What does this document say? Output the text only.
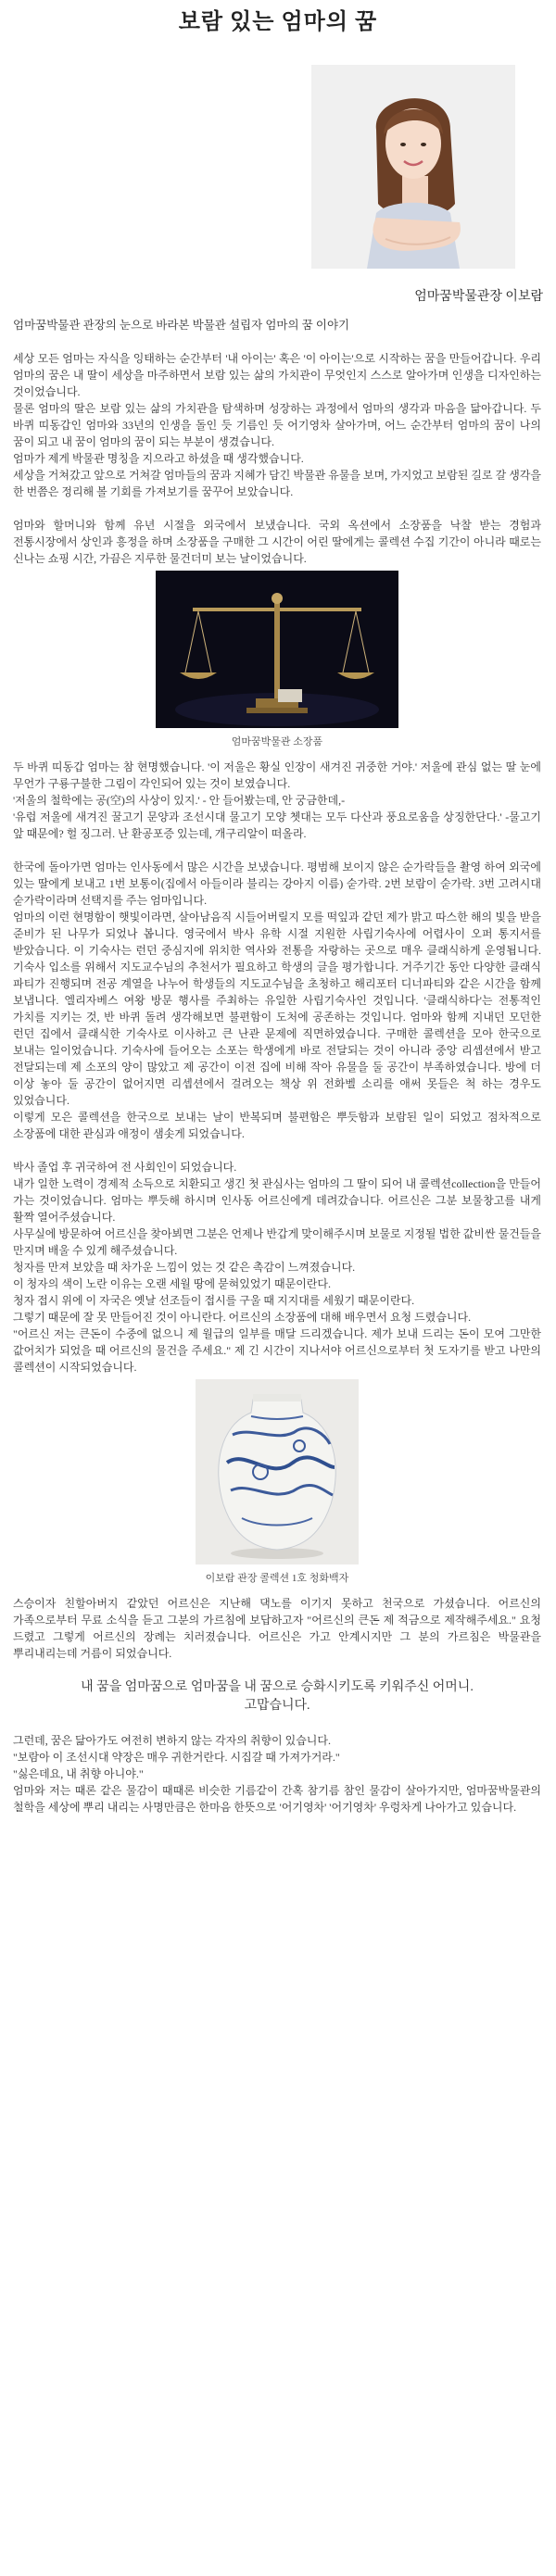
보람 있는 엄마의 꿈
엄마꿈박물관장 이보람

엄마꿈박물관 관장의 눈으로 바라본 박물관 설립자 엄마의 꿈 이야기

세상 모든 엄마는 자식을 잉태하는 순간부터 '내 아이는' 혹은 '이 아이는'으로 시작하는 꿈을 만들어갑니다. 우리 엄마의 꿈은 내 딸이 세상을 마주하면서 보람 있는 삶의 가치관이 무엇인지 스스로 알아가며 인생을 디자인하는 것이었습니다.

물론 엄마의 딸은 보람 있는 삶의 가치관을 탐색하며 성장하는 과정에서 엄마의 생각과 마음을 닮아갑니다. 두 바퀴 띠동갑인 엄마와 33년의 인생을 돌인 듯 기름인 듯 어기영차 살아가며, 어느 순간부터 엄마의 꿈이 나의 꿈이 되고 내 꿈이 엄마의 꿈이 되는 부분이 생겼습니다.

엄마가 제게 박물관 명칭을 지으라고 하셨을 때 생각했습니다.

세상을 거쳐갔고 앞으로 거쳐갈 엄마들의 꿈과 지혜가 담긴 박물관 유물을 보며, 가지었고 보람된 길로 갈 생각을 한 번쯤은 정리해 볼 기회를 가져보기를 꿈꾸어 보았습니다.

엄마와 할머니와 함께 유년 시절을 외국에서 보냈습니다. 국외 옥션에서 소장품을 낙찰 받는 경험과 전통시장에서 상인과 흥정을 하며 소장품을 구매한 그 시간이 어린 딸에게는 콜렉션 수집 기간이 아니라 때로는 신나는 쇼핑 시간, 가끔은 지루한 물건더미 보는 날이었습니다.

엄마꿈박물관 소장품

두 바퀴 띠동갑 엄마는 참 현명했습니다. '이 저울은 황실 인장이 새겨진 귀중한 거야.' 저울에 관심 없는 딸 눈에 무언가 구룡구불한 그림이 각인되어 있는 것이 보였습니다.

'저울의 철학에는 공(空)의 사상이 있지.' - 안 들어봤는데, 안 궁금한데,-

'유럽 저울에 새겨진 꿀고기 문양과 조선시대 물고기 모양 쳇대는 모두 다산과 풍요로움을 상징한단다.' -물고기 앞 때문에? 헐 징그러. 난 환공포증 있는데, 개구리알이 떠올라.

한국에 돌아가면 엄마는 인사동에서 많은 시간을 보냈습니다. 평범해 보이지 않은 순가락들을 촬영 하여 외국에 있는 딸에게 보내고 1번 보통이(집에서 아들이라 불리는 강아지 이름) 숟가락. 2번 보람이 숟가락. 3번 고려시대 숟가락이라며 선택지를 주는 엄마입니다.

엄마의 이런 현명함이 햇빛이라면, 살아남음직 시들어버릴지 모를 떡잎과 같던 제가 밝고 따스한 해의 빛을 받을 준비가 된 나무가 되었나 봅니다. 영국에서 박사 유학 시절 지원한 사립기숙사에 어렵사이 오퍼 통지서를 받았습니다. 이 기숙사는 런던 중심지에 위치한 역사와 전통을 자랑하는 곳으로 매우 클래식하게 운영됩니다. 기숙사 입소를 위해서 지도교수님의 추천서가 필요하고 학생의 글을 평가합니다. 거주기간 동안 다양한 클래식 파티가 진행되며 전공 계열을 나누어 학생들의 지도교수님을 초청하고 해리포터 디너파티와 같은 시간을 함께 보냅니다. 엘리자베스 여왕 방문 행사를 주최하는 유일한 사립기숙사인 것입니다. '클래식하다'는 전통적인 가치를 지키는 것, 반 바퀴 돌려 생각해보면 불편함이 도처에 공존하는 것입니다. 엄마와 함께 지내던 모던한 런던 집에서 클래식한 기숙사로 이사하고 큰 난관 문제에 직면하였습니다. 구매한 콜렉션을 모아 한국으로 보내는 일이었습니다. 기숙사에 들어오는 소포는 학생에게 바로 전달되는 것이 아니라 중앙 리셉션에서 받고 전달되는데 제 소포의 양이 많았고 제 공간이 이전 집에 비해 작아 유물을 둘 공간이 부족하였습니다. 방에 더 이상 놓아 둘 공간이 없어지면 리셉션에서 걸려오는 책상 위 전화벨 소리를 애써 못들은 척 하는 경우도 있었습니다.

이렇게 모은 콜렉션을 한국으로 보내는 날이 반복되며 불편함은 뿌듯함과 보람된 일이 되었고 점차적으로 소장품에 대한 관심과 애정이 샘솟게 되었습니다.

박사 졸업 후 귀국하여 전 사회인이 되었습니다.

내가 일한 노력이 경제적 소득으로 치환되고 생긴 첫 관심사는 엄마의 그 딸이 되어 내 콜렉션collection을 만들어 가는 것이었습니다. 엄마는 뿌듯해 하시며 인사동 어르신에게 데려갔습니다. 어르신은 그분 보물창고를 내게 활짝 열어주셨습니다.

사무실에 방문하여 어르신을 찾아뵈면 그분은 언제나 반갑게 맞이해주시며 보물로 지정될 법한 값비싼 물건들을 만지며 배울 수 있게 해주셨습니다.

청자를 만져 보았을 때 차가운 느낌이 었는 것 같은 촉감이 느껴졌습니다.

이 청자의 색이 노란 이유는 오랜 세월 땅에 묻혀있었기 때문이란다.

청자 접시 위에 이 자국은 옛날 선조들이 접시를 구울 때 지지대를 세웠기 때문이란다.

그렇기 때문에 잘 못 만들어진 것이 아니란다. 어르신의 소장품에 대해 배우면서 요청 드렸습니다.

"어르신 저는 큰돈이 수중에 없으니 제 월급의 일부를 매달 드리겠습니다. 제가 보내 드리는 돈이 모여 그만한 값어치가 되었을 때 어르신의 물건을 주세요." 제 긴 시간이 지나서야 어르신으로부터 첫 도자기를 받고 나만의 콜렉션이 시작되었습니다.

이보람 관장 콜렉션 1호 청화백자

스승이자 친할아버지 같았던 어르신은 지난해 댁노를 이기지 못하고 천국으로 가셨습니다. 어르신의 가족으로부터 무료 소식을 듣고 그분의 가르침에 보답하고자 "어르신의 큰돈 제 적금으로 제작해주세요." 요청 드렸고 그렇게 어르신의 장례는 치러졌습니다. 어르신은 가고 안계시지만 그 분의 가르침은 박물관을 뿌리내리는데 거름이 되었습니다.

내 꿈을 엄마꿈으로 엄마꿈을 내 꿈으로 승화시키도록 키워주신 어머니.
고맙습니다.

그런데, 꿈은 닮아가도 여전히 변하지 않는 각자의 취향이 있습니다.

"보람아 이 조선시대 약장은 매우 귀한거란다. 시집갈 때 가져가거라."

"싫은데요, 내 취향 아니야."

엄마와 저는 때론 같은 물감이 때때론 비슷한 기름같이 간혹 참기름 참인 물감이 살아가지만, 엄마꿈박물관의 철학을 세상에 뿌리 내리는 사명만큼은 한마음 한뜻으로 '어기영차' '어기영차' 우렁차게 나아가고 있습니다.
